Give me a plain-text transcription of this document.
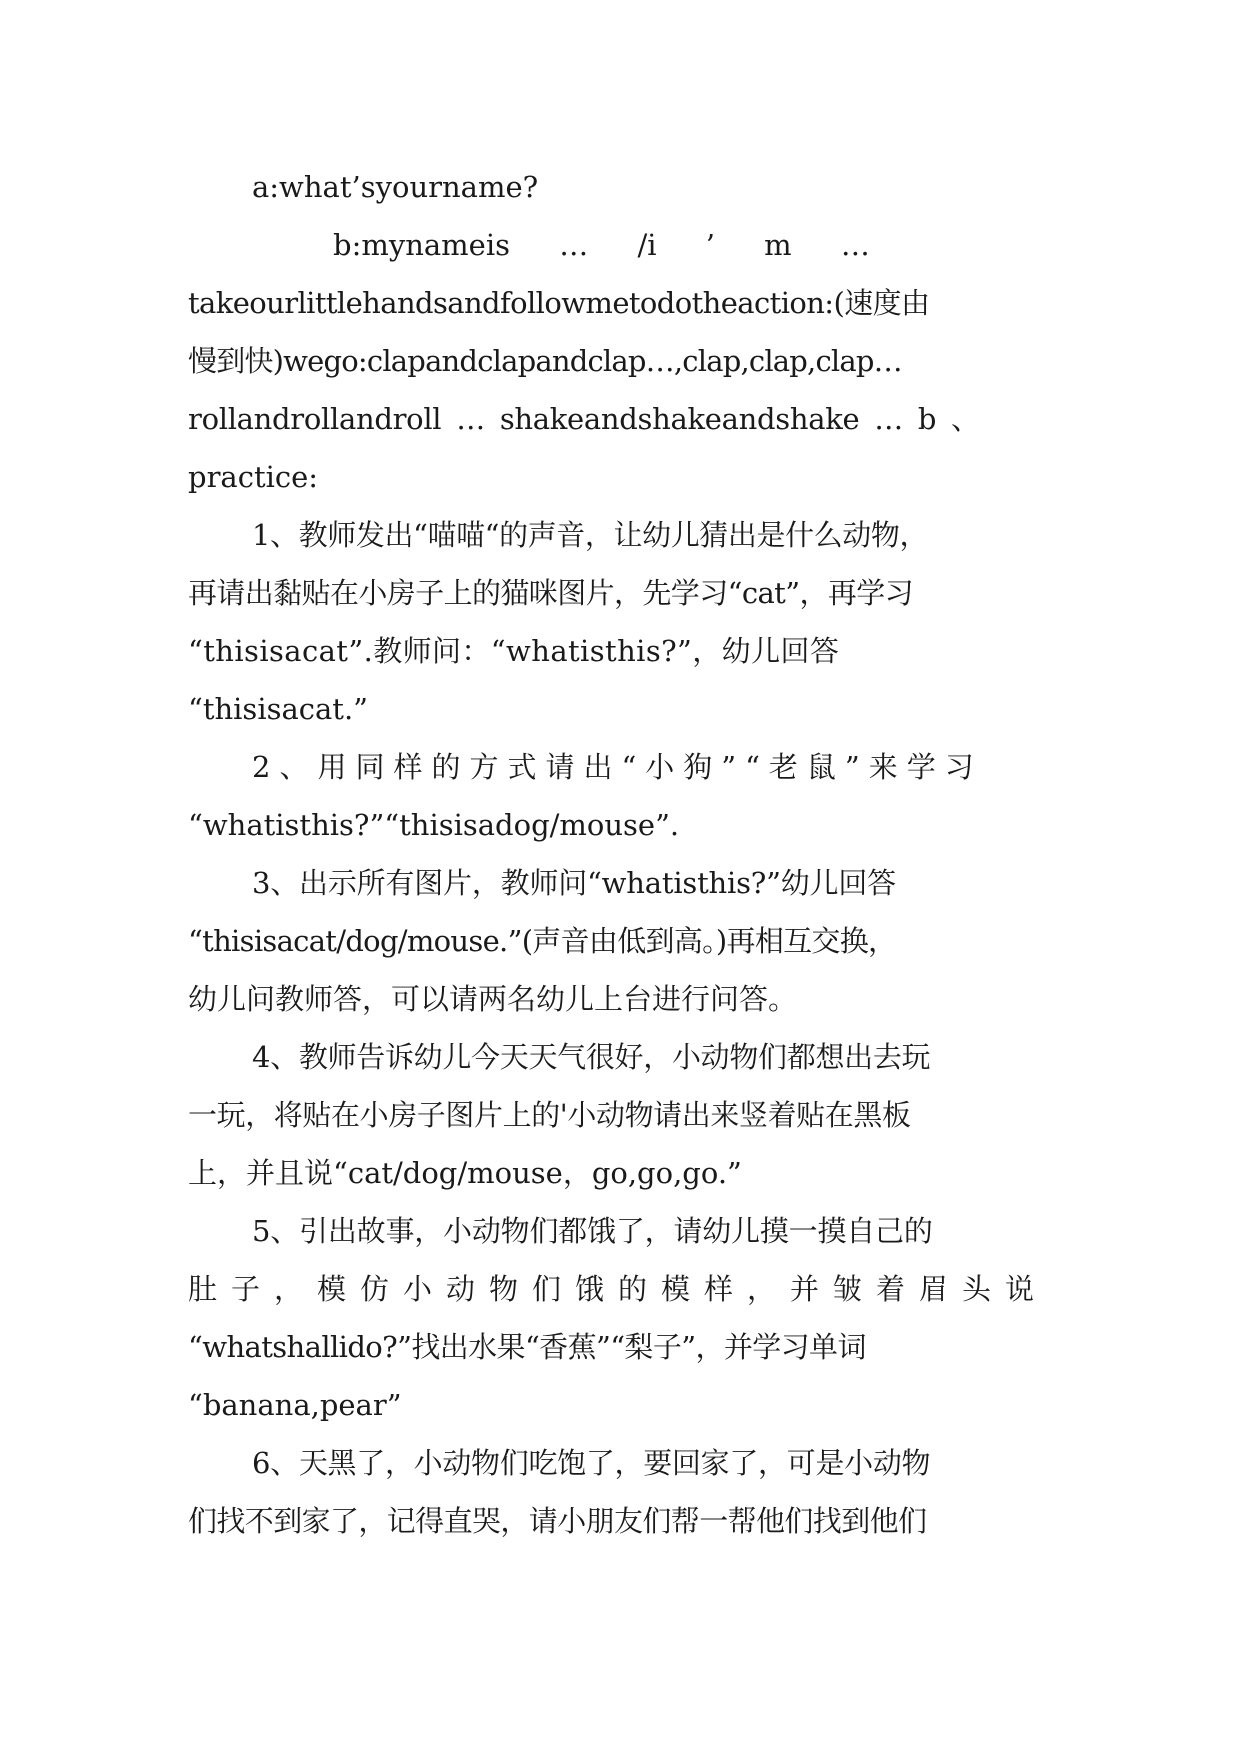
a:what’syourname?
b:mynameis … /i ’ m …
takeourlittlehandsandfollowmetodotheaction:(速度由
慢到快)wego:clapandclapandclap…,clap,clap,clap…
rollandrollandroll … shakeandshakeandshake … b 、
practice:
1、教师发出“喵喵“的声音，让幼儿猜出是什么动物，
再请出黏贴在小房子上的猫咪图片，先学习“cat”，再学习
“thisisacat”.教师问：“whatisthis?”，幼儿回答
“thisisacat.”
2、用同样的方式请出“小狗”“老鼠”来学习
“whatisthis?”“thisisadog/mouse”.
3、出示所有图片，教师问“whatisthis?”幼儿回答
“thisisacat/dog/mouse.”(声音由低到高。)再相互交换，
幼儿问教师答，可以请两名幼儿上台进行问答。
4、教师告诉幼儿今天天气很好，小动物们都想出去玩
一玩，将贴在小房子图片上的'小动物请出来竖着贴在黑板
上，并且说“cat/dog/mouse，go,go,go.”
5、引出故事，小动物们都饿了，请幼儿摸一摸自己的
肚子，模仿小动物们饿的模样，并皱着眉头说
“whatshallido?”找出水果“香蕉”“梨子”，并学习单词
“banana,pear”
6、天黑了，小动物们吃饱了，要回家了，可是小动物
们找不到家了，记得直哭，请小朋友们帮一帮他们找到他们
